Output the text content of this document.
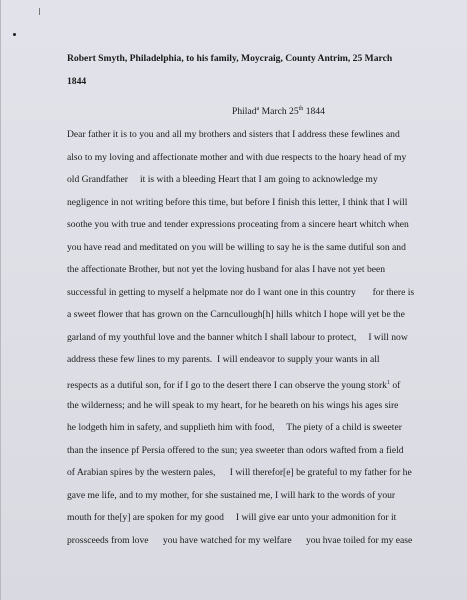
Robert Smyth, Philadelphia, to his family, Moycraig, County Antrim, 25 March
1844
Philad$^a$ March 25th 1844
Dear father it is to you and all my brothers and sisters that I address these fewlines and
also to my loving and affectionate mother and with due respects to the hoary head of my
old Grandfather     it is with a bleeding Heart that I am going to acknowledge my
negligence in not writing before this time, but before I finish this letter, I think that I will
soothe you with true and tender expressions proceating from a sincere heart whitch when
you have read and meditated on you will be willing to say he is the same dutiful son and
the affectionate Brother, but not yet the loving husband for alas I have not yet been
successful in getting to myself a helpmate nor do I want one in this country       for there is
a sweet flower that has grown on the Carncullough[h] hills whitch I hope will yet be the
garland of my youthful love and the banner whitch I shall labour to protect,     I will now
address these few lines to my parents.  I will endeavor to supply your wants in all
respects as a dutiful son, for if I go to the desert there I can observe the young stork$^1$ of
the wilderness; and he will speak to my heart, for he beareth on his wings his ages sire
he lodgeth him in safety, and supplieth him with food,     The piety of a child is sweeter
than the insence pf Persia offered to the sun; yea sweeter than odors wafted from a field
of Arabian spires by the western pales,      I will therefor[e] be grateful to my father for he
gave me life, and to my mother, for she sustained me, I will hark to the words of your
mouth for the[y] are spoken for my good     I will give ear unto your admonition for it
prossceeds from love      you have watched for my welfare      you hvae toiled for my ease
